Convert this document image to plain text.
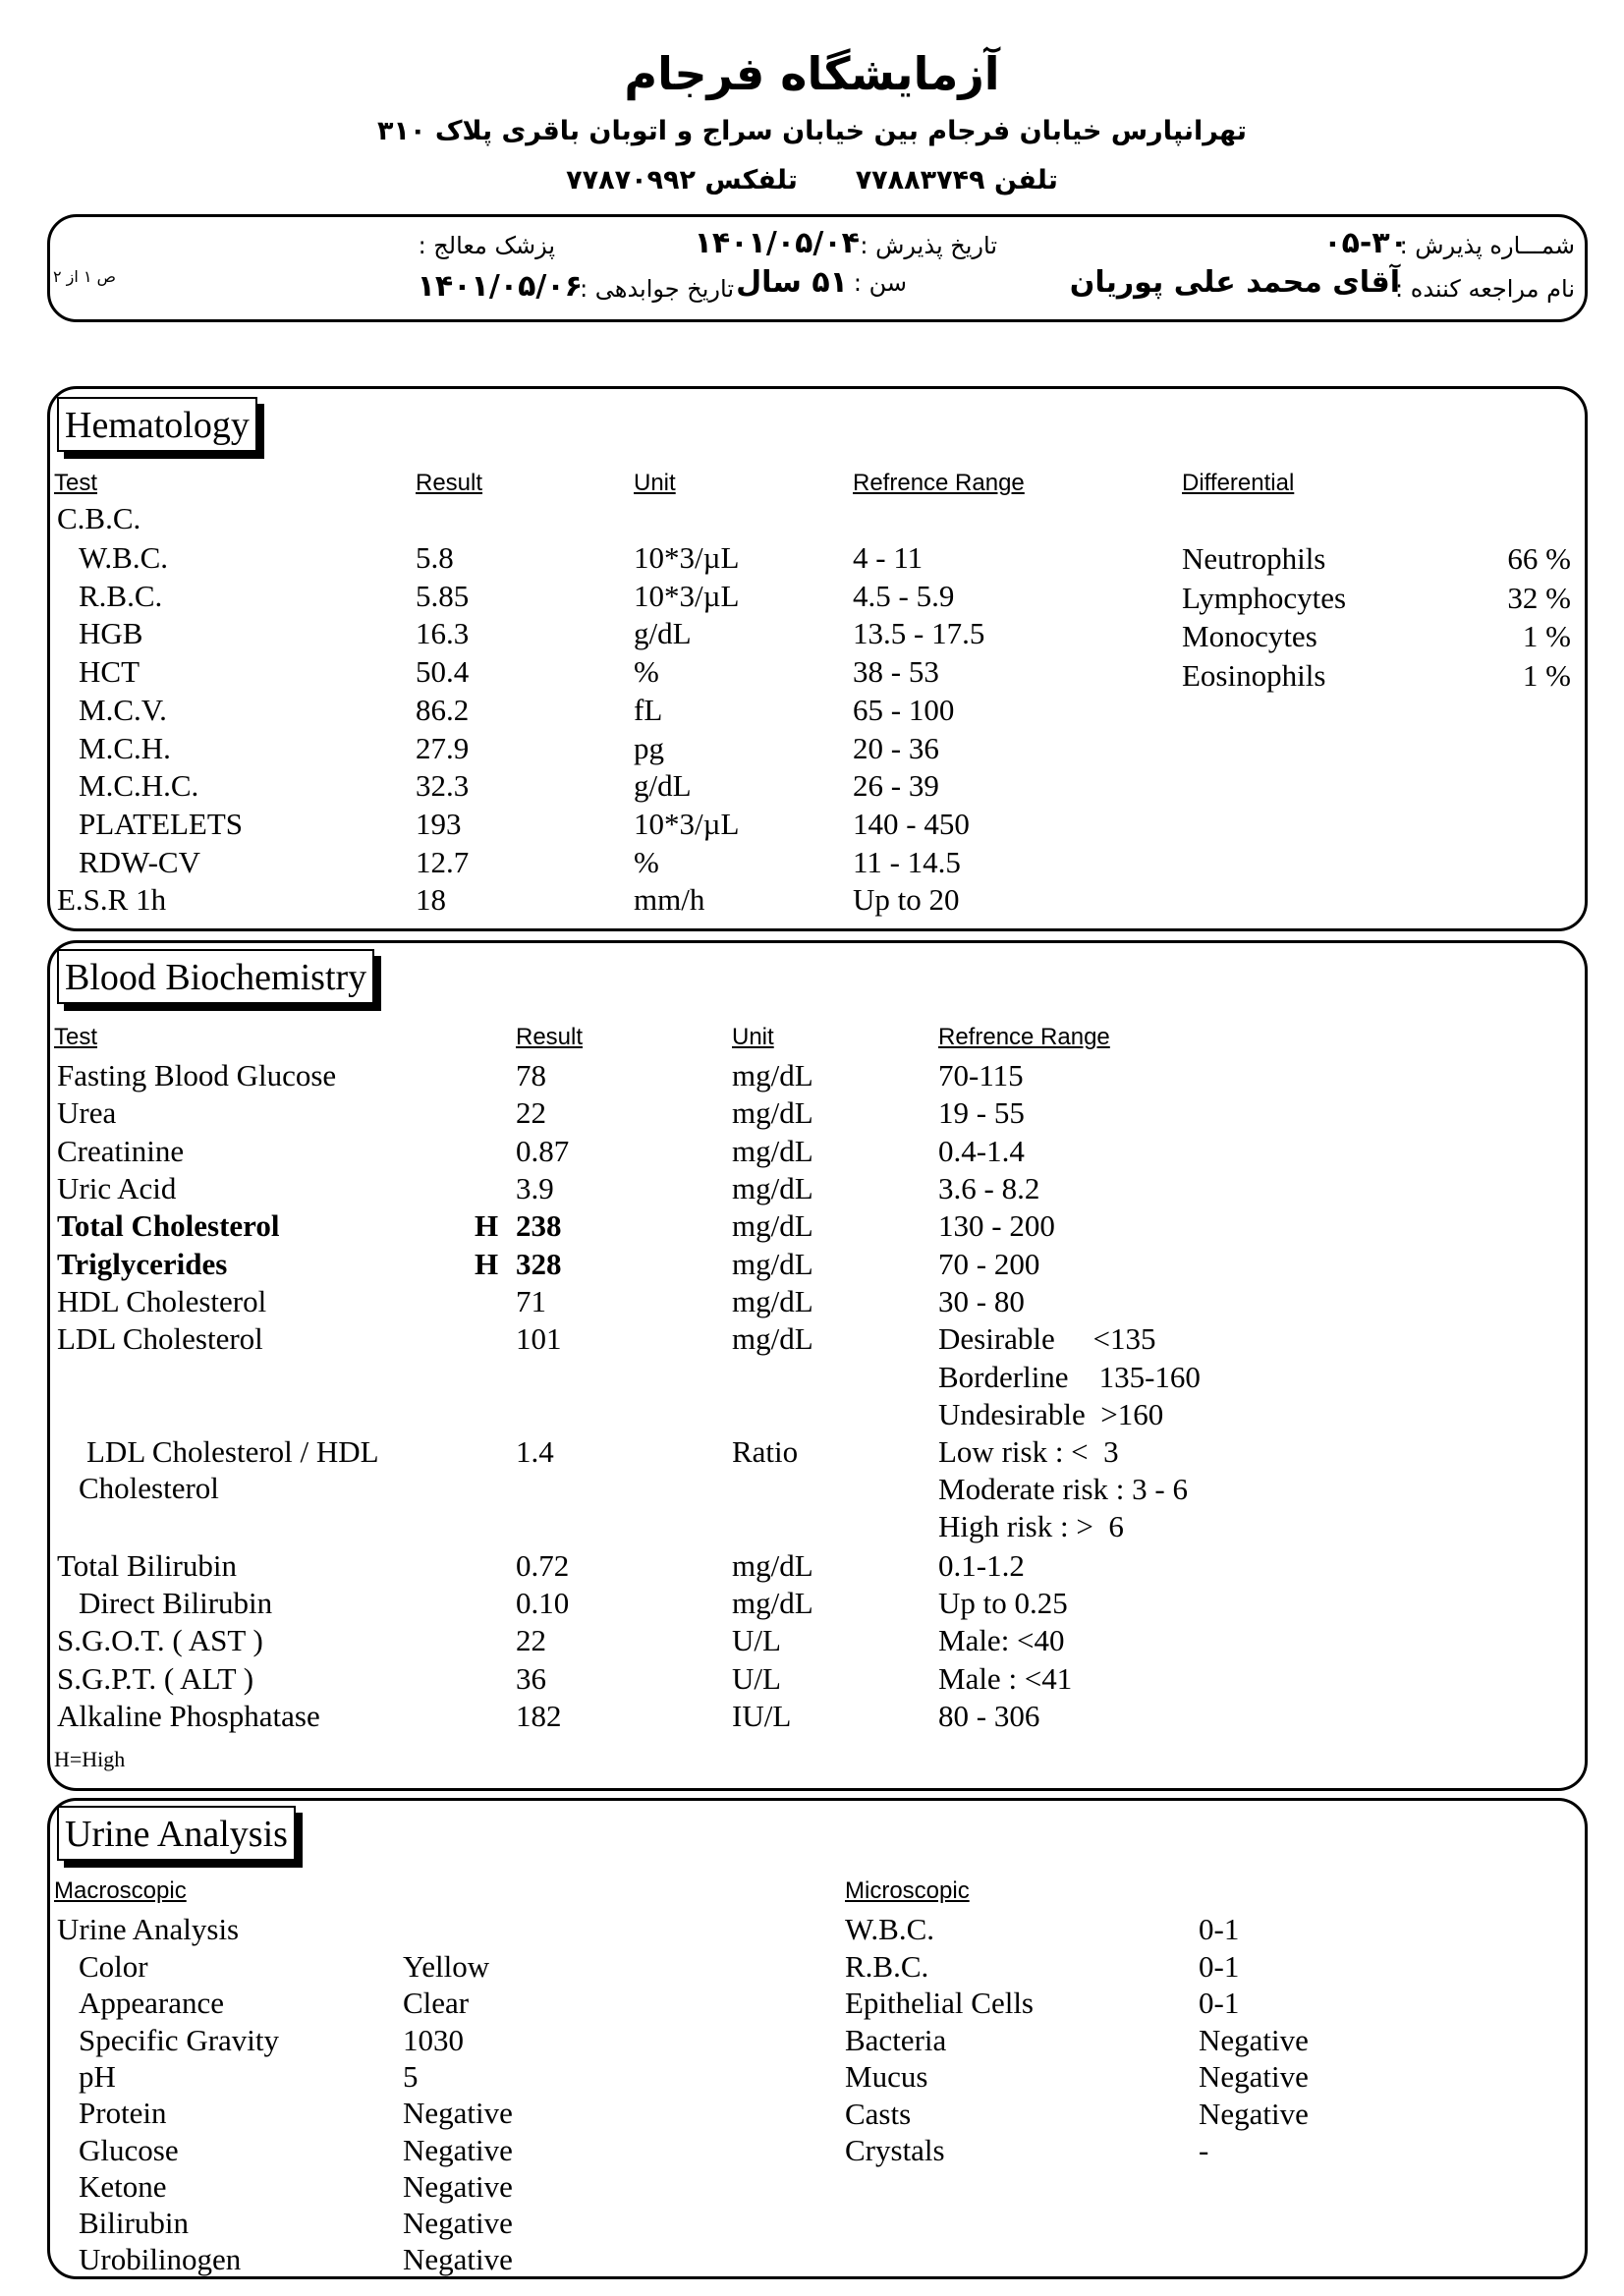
آزمایشگاه فرجام
تهرانپارس خیابان فرجام بین خیابان سراج و اتوبان باقری پلاک ۳۱۰
تلفن ۷۷۸۸۳۷۴۹  تلفکس ۷۷۸۷۰۹۹۲
شمـــاره پذیرش :
۰۵-۳۰
نام مراجعه کننده :
آقای محمد علی پوریان
تاریخ پذیرش :
۱۴۰۱/۰۵/۰۴
پزشک معالج :
سن :
۵۱ سال
تاریخ جوابدهی :
۱۴۰۱/۰۵/۰۶
ص ۱ از ۲
Hematology
Test	Result	Unit	Refrence Range	Differential
C.B.C.
W.B.C.	5.8	10*3/µL	4 - 11
R.B.C.	5.85	10*3/µL	4.5 - 5.9
HGB	16.3	g/dL	13.5 - 17.5
HCT	50.4	%	38 - 53
M.C.V.	86.2	fL	65 - 100
M.C.H.	27.9	pg	20 - 36
M.C.H.C.	32.3	g/dL	26 - 39
PLATELETS	193	10*3/µL	140 - 450
RDW-CV	12.7	%	11 - 14.5
E.S.R 1h	18	mm/h	Up to 20
Neutrophils	66 %
Lymphocytes	32 %
Monocytes	1 %
Eosinophils	1 %
Blood Biochemistry
Test	Result	Unit	Refrence Range
Fasting Blood Glucose	78	mg/dL	70-115
Urea	22	mg/dL	19 - 55
Creatinine	0.87	mg/dL	0.4-1.4
Uric Acid	3.9	mg/dL	3.6 - 8.2
Total Cholesterol	H 238	mg/dL	130 - 200
Triglycerides	H 328	mg/dL	70 - 200
HDL Cholesterol	71	mg/dL	30 - 80
LDL Cholesterol	101	mg/dL	Desirable     <135
Borderline    135-160
Undesirable  >160
LDL Cholesterol / HDL
Cholesterol
1.4	Ratio	Low risk : <  3
Moderate risk : 3 - 6
High risk : >  6
Total Bilirubin	0.72	mg/dL	0.1-1.2
Direct Bilirubin	0.10	mg/dL	Up to 0.25
S.G.O.T. ( AST )	22	U/L	Male: <40
S.G.P.T. ( ALT )	36	U/L	Male : <41
Alkaline Phosphatase	182	IU/L	80 - 306
H=High
Urine Analysis
Macroscopic	Microscopic
Urine Analysis
Color	Yellow
Appearance	Clear
Specific Gravity	1030
pH	5
Protein	Negative
Glucose	Negative
Ketone	Negative
Bilirubin	Negative
Urobilinogen	Negative
W.B.C.	0-1
R.B.C.	0-1
Epithelial Cells	0-1
Bacteria	Negative
Mucus	Negative
Casts	Negative
Crystals	-
